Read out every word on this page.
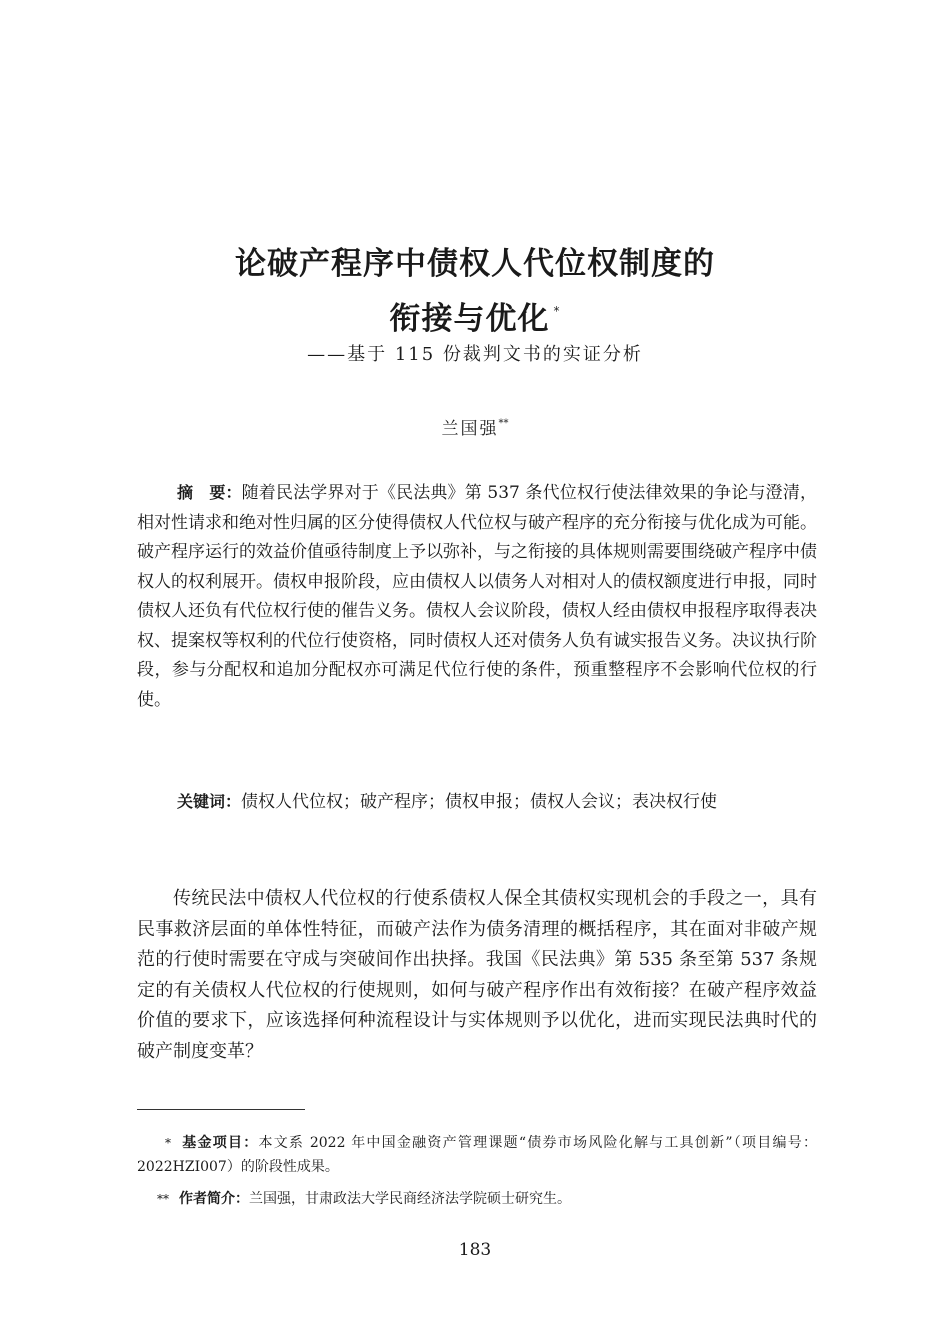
论破产程序中债权人代位权制度的
衔接与优化 *
——基于 115 份裁判文书的实证分析
兰国强**

摘　要：随着民法学界对于《民法典》第 537 条代位权行使法律效果的争论与澄清，相对性请求和绝对性归属的区分使得债权人代位权与破产程序的充分衔接与优化成为可能。破产程序运行的效益价值亟待制度上予以弥补，与之衔接的具体规则需要围绕破产程序中债权人的权利展开。债权申报阶段，应由债权人以债务人对相对人的债权额度进行申报，同时债权人还负有代位权行使的催告义务。债权人会议阶段，债权人经由债权申报程序取得表决权、提案权等权利的代位行使资格，同时债权人还对债务人负有诚实报告义务。决议执行阶段，参与分配权和追加分配权亦可满足代位行使的条件，预重整程序不会影响代位权的行使。

关键词：债权人代位权；破产程序；债权申报；债权人会议；表决权行使

传统民法中债权人代位权的行使系债权人保全其债权实现机会的手段之一，具有民事救济层面的单体性特征，而破产法作为债务清理的概括程序，其在面对非破产规范的行使时需要在守成与突破间作出抉择。我国《民法典》第 535 条至第 537 条规定的有关债权人代位权的行使规则，如何与破产程序作出有效衔接？在破产程序效益价值的要求下，应该选择何种流程设计与实体规则予以优化，进而实现民法典时代的破产制度变革？

* 基金项目：本文系 2022 年中国金融资产管理课题“债券市场风险化解与工具创新”（项目编号：2022HZI007）的阶段性成果。

** 作者简介：兰国强，甘肃政法大学民商经济法学院硕士研究生。

183
